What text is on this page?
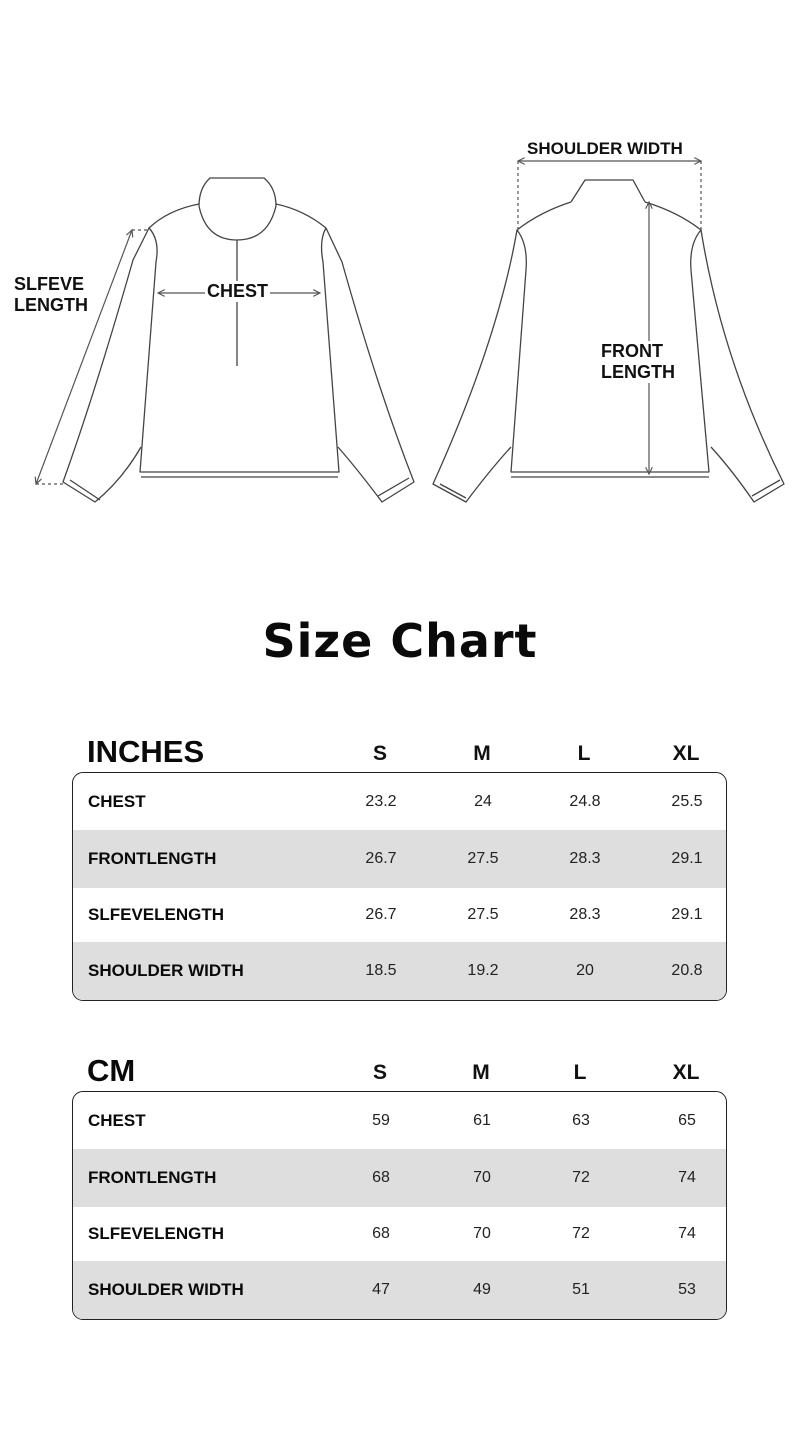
SLFEVE
LENGTH
CHEST
SHOULDER WIDTH
FRONT
LENGTH
Size Chart
INCHES	S	M	L	XL
CHEST	23.2	24	24.8	25.5
FRONTLENGTH	26.7	27.5	28.3	29.1
SLFEVELENGTH	26.7	27.5	28.3	29.1
SHOULDER WIDTH	18.5	19.2	20	20.8
CM	S	M	L	XL
CHEST	59	61	63	65
FRONTLENGTH	68	70	72	74
SLFEVELENGTH	68	70	72	74
SHOULDER WIDTH	47	49	51	53
